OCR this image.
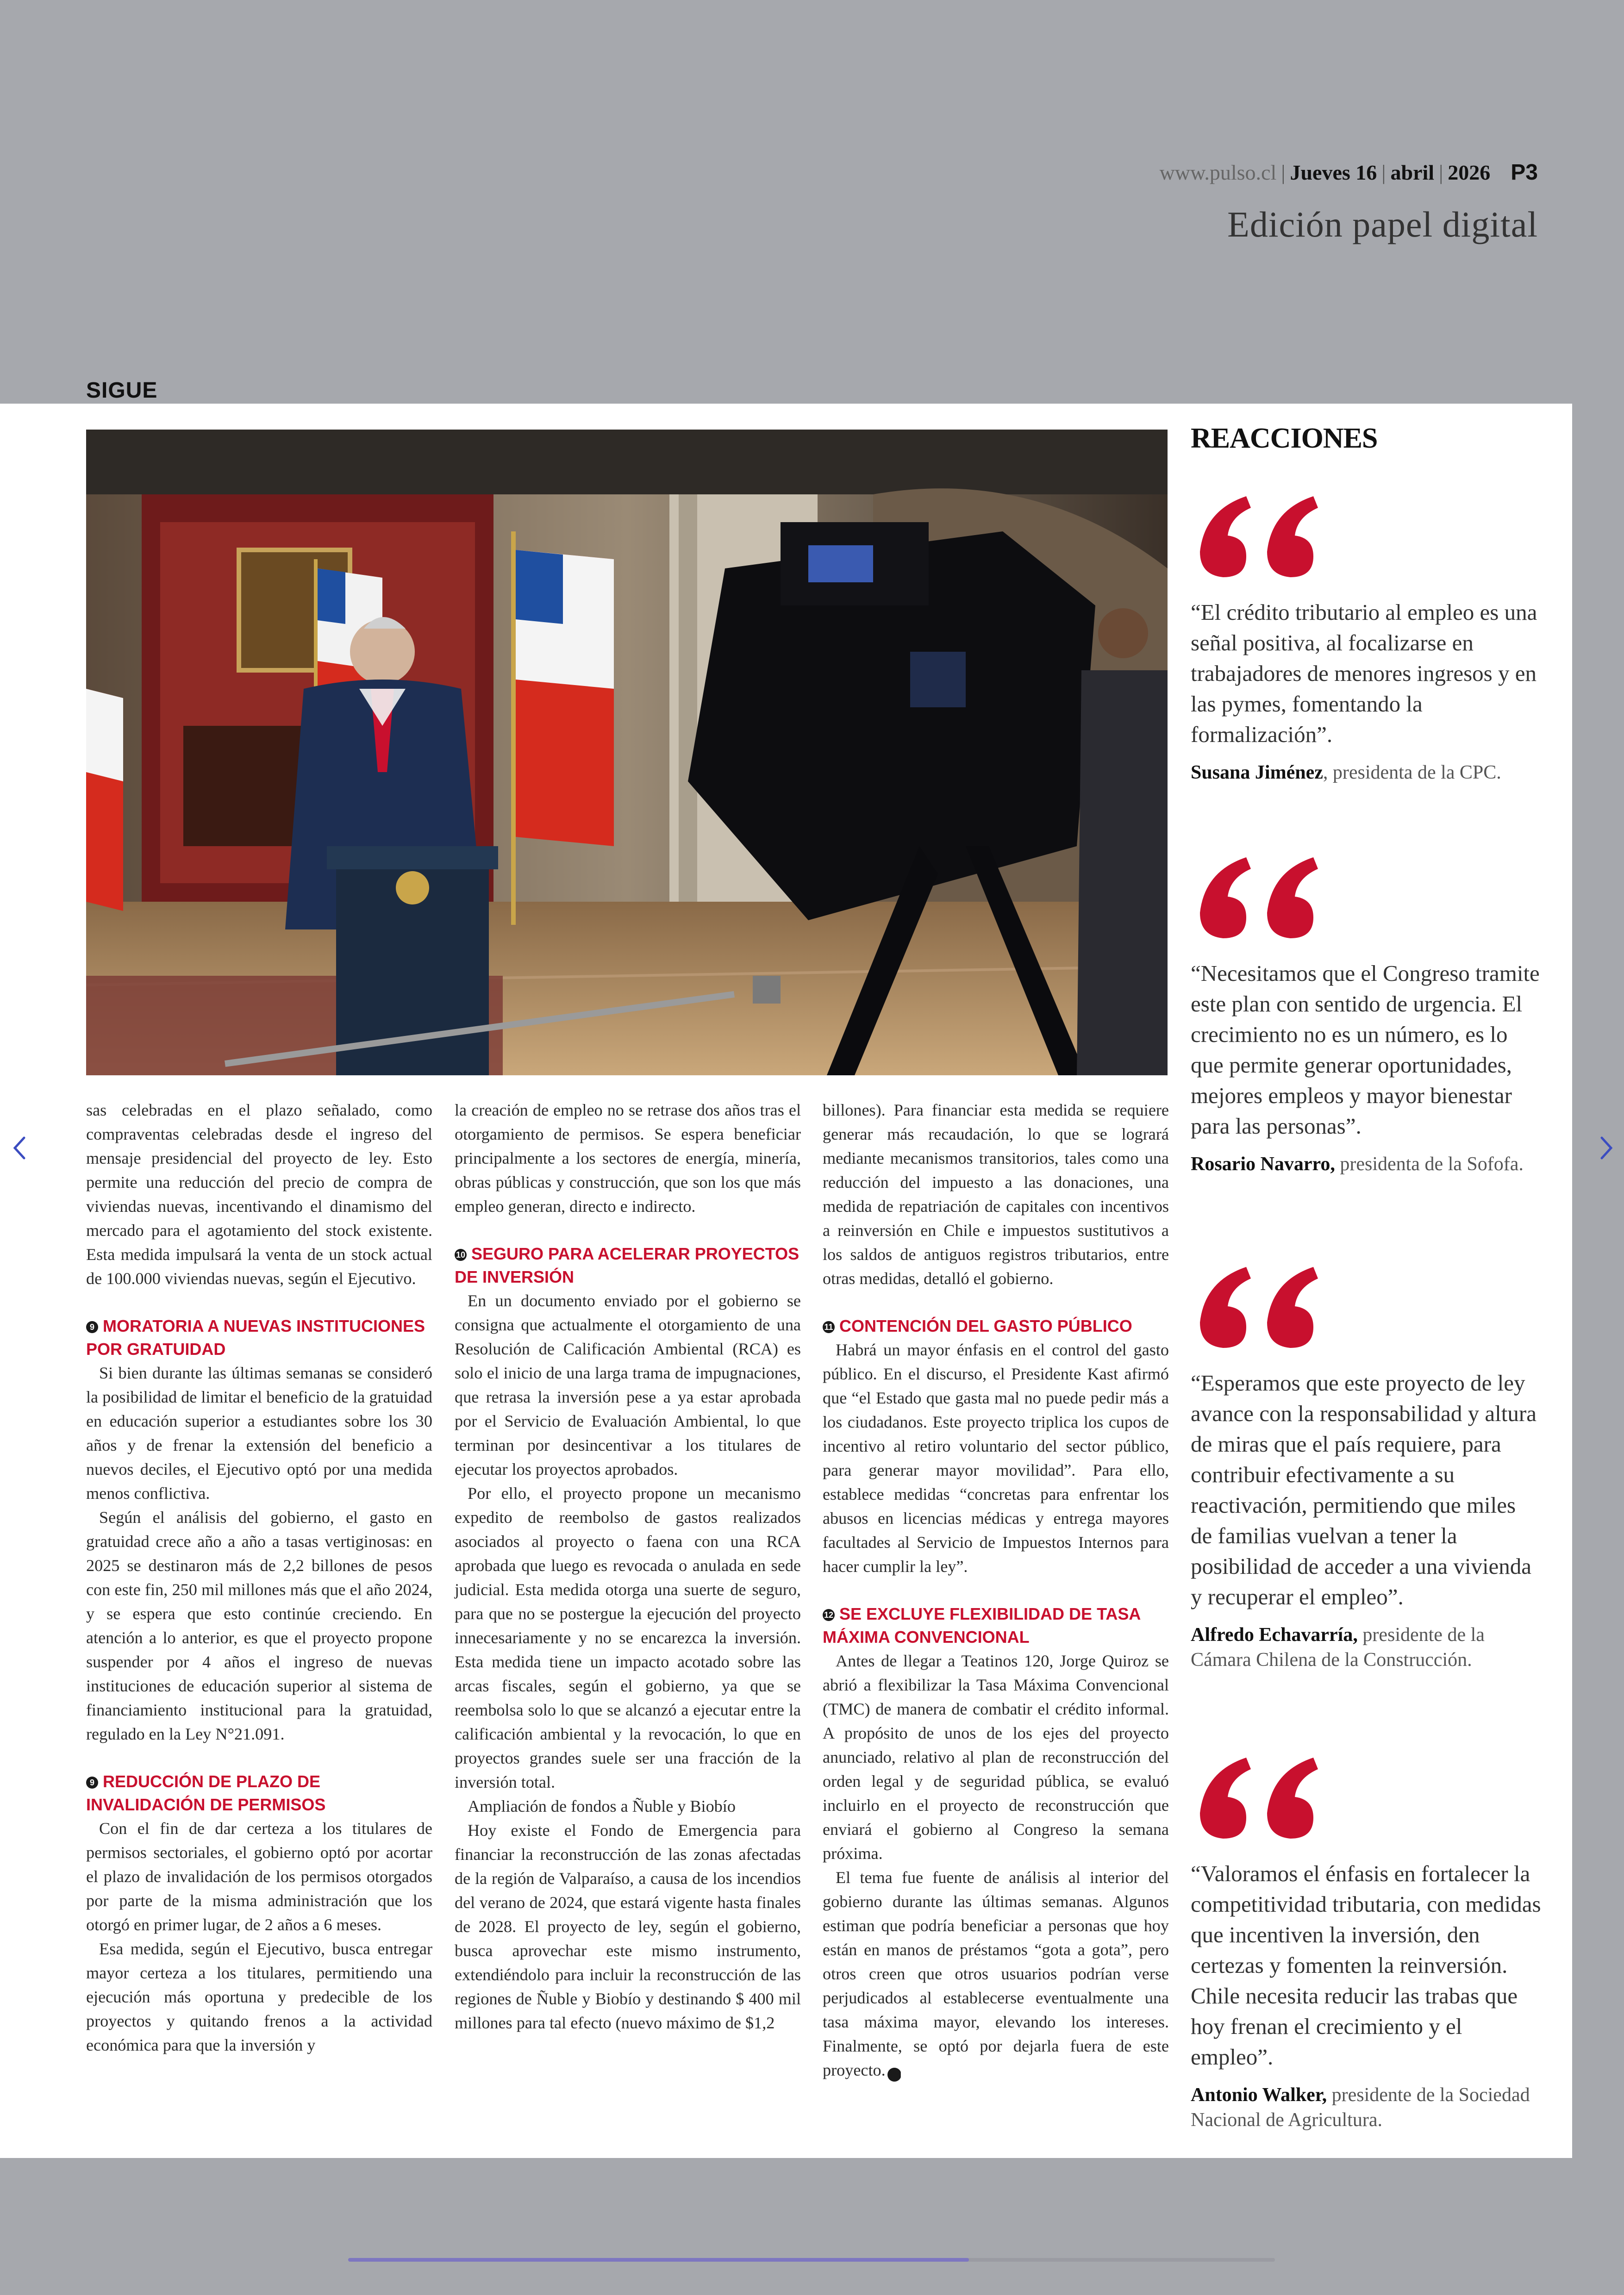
www.pulso.cl | Jueves 16 | abril | 2026 P3
Edición papel digital
SIGUE

sas celebradas en el plazo señalado, como compraventas celebradas desde el ingreso del mensaje presidencial del proyecto de ley. Esto permite una reducción del precio de compra de viviendas nuevas, incentivando el dinamismo del mercado para el agotamiento del stock existente. Esta medida impulsará la venta de un stock actual de 100.000 viviendas nuevas, según el Ejecutivo.

9 MORATORIA A NUEVAS INSTITUCIONES POR GRATUIDAD

Si bien durante las últimas semanas se consideró la posibilidad de limitar el beneficio de la gratuidad en educación superior a estudiantes sobre los 30 años y de frenar la extensión del beneficio a nuevos deciles, el Ejecutivo optó por una medida menos conflictiva.

Según el análisis del gobierno, el gasto en gratuidad crece año a año a tasas vertiginosas: en 2025 se destinaron más de 2,2 billones de pesos con este fin, 250 mil millones más que el año 2024, y se espera que esto continúe creciendo. En atención a lo anterior, es que el proyecto propone suspender por 4 años el ingreso de nuevas instituciones de educación superior al sistema de financiamiento institucional para la gratuidad, regulado en la Ley N°21.091.

9 REDUCCIÓN DE PLAZO DE INVALIDACIÓN DE PERMISOS

Con el fin de dar certeza a los titulares de permisos sectoriales, el gobierno optó por acortar el plazo de invalidación de los permisos otorgados por parte de la misma administración que los otorgó en primer lugar, de 2 años a 6 meses.

Esa medida, según el Ejecutivo, busca entregar mayor certeza a los titulares, permitiendo una ejecución más oportuna y predecible de los proyectos y quitando frenos a la actividad económica para que la inversión y

la creación de empleo no se retrase dos años tras el otorgamiento de permisos. Se espera beneficiar principalmente a los sectores de energía, minería, obras públicas y construcción, que son los que más empleo generan, directo e indirecto.

10 SEGURO PARA ACELERAR PROYECTOS DE INVERSIÓN

En un documento enviado por el gobierno se consigna que actualmente el otorgamiento de una Resolución de Calificación Ambiental (RCA) es solo el inicio de una larga trama de impugnaciones, que retrasa la inversión pese a ya estar aprobada por el Servicio de Evaluación Ambiental, lo que terminan por desincentivar a los titulares de ejecutar los proyectos aprobados.

Por ello, el proyecto propone un mecanismo expedito de reembolso de gastos realizados asociados al proyecto o faena con una RCA aprobada que luego es revocada o anulada en sede judicial. Esta medida otorga una suerte de seguro, para que no se postergue la ejecución del proyecto innecesariamente y no se encarezca la inversión. Esta medida tiene un impacto acotado sobre las arcas fiscales, según el gobierno, ya que se reembolsa solo lo que se alcanzó a ejecutar entre la calificación ambiental y la revocación, lo que en proyectos grandes suele ser una fracción de la inversión total.

Ampliación de fondos a Ñuble y Biobío

Hoy existe el Fondo de Emergencia para financiar la reconstrucción de las zonas afectadas de la región de Valparaíso, a causa de los incendios del verano de 2024, que estará vigente hasta finales de 2028. El proyecto de ley, según el gobierno, busca aprovechar este mismo instrumento, extendiéndolo para incluir la reconstrucción de las regiones de Ñuble y Biobío y destinando $ 400 mil millones para tal efecto (nuevo máximo de $1,2

billones). Para financiar esta medida se requiere generar más recaudación, lo que se logrará mediante mecanismos transitorios, tales como una reducción del impuesto a las donaciones, una medida de repatriación de capitales con incentivos a reinversión en Chile e impuestos sustitutivos a los saldos de antiguos registros tributarios, entre otras medidas, detalló el gobierno.

11 CONTENCIÓN DEL GASTO PÚBLICO

Habrá un mayor énfasis en el control del gasto público. En el discurso, el Presidente Kast afirmó que “el Estado que gasta mal no puede pedir más a los ciudadanos. Este proyecto triplica los cupos de incentivo al retiro voluntario del sector público, para generar mayor movilidad”. Para ello, establece medidas “concretas para enfrentar los abusos en licencias médicas y entrega mayores facultades al Servicio de Impuestos Internos para hacer cumplir la ley”.

12 SE EXCLUYE FLEXIBILIDAD DE TASA MÁXIMA CONVENCIONAL

Antes de llegar a Teatinos 120, Jorge Quiroz se abrió a flexibilizar la Tasa Máxima Convencional (TMC) de manera de combatir el crédito informal. A propósito de unos de los ejes del proyecto anunciado, relativo al plan de reconstrucción del orden legal y de seguridad pública, se evaluó incluirlo en el proyecto de reconstrucción que enviará el gobierno al Congreso la semana próxima.

El tema fue fuente de análisis al interior del gobierno durante las últimas semanas. Algunos estiman que podría beneficiar a personas que hoy están en manos de préstamos “gota a gota”, pero otros creen que otros usuarios podrían verse perjudicados al establecerse eventualmente una tasa máxima mayor, elevando los intereses. Finalmente, se optó por dejarla fuera de este proyecto. P

REACCIONES
“El crédito tributario al empleo es una señal positiva, al focalizarse en trabajadores de menores ingresos y en las pymes, fomentando la formalización”.
Susana Jiménez, presidenta de la CPC.
“Necesitamos que el Congreso tramite este plan con sentido de urgencia. El crecimiento no es un número, es lo que permite generar oportunidades, mejores empleos y mayor bienestar para las personas”.
Rosario Navarro, presidenta de la Sofofa.
“Esperamos que este proyecto de ley avance con la responsabilidad y altura de miras que el país requiere, para contribuir efectivamente a su reactivación, permitiendo que miles de familias vuelvan a tener la posibilidad de acceder a una vivienda y recuperar el empleo”.
Alfredo Echavarría, presidente de la Cámara Chilena de la Construcción.
“Valoramos el énfasis en fortalecer la competitividad tributaria, con medidas que incentiven la inversión, den certezas y fomenten la reinversión. Chile necesita reducir las trabas que hoy frenan el crecimiento y el empleo”.
Antonio Walker, presidente de la Sociedad Nacional de Agricultura.
